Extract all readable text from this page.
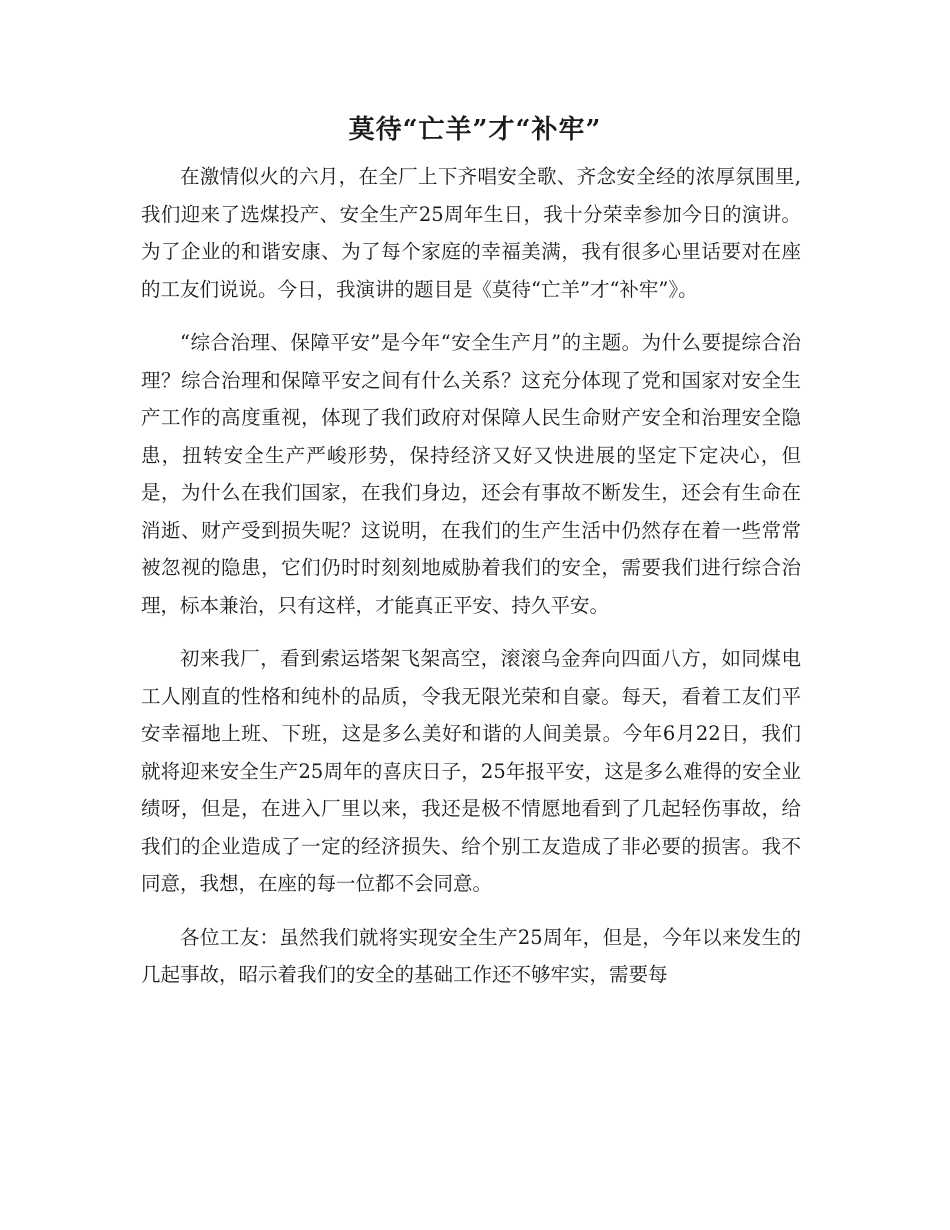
莫待“亡羊”才“补牢”

在激情似火的六月，在全厂上下齐唱安全歌、齐念安全经的浓厚氛围里,我们迎来了选煤投产、安全生产25周年生日，我十分荣幸参加今日的演讲。为了企业的和谐安康、为了每个家庭的幸福美满，我有很多心里话要对在座的工友们说说。今日，我演讲的题目是《莫待“亡羊”才“补牢”》。

“综合治理、保障平安”是今年“安全生产月”的主题。为什么要提综合治理？综合治理和保障平安之间有什么关系？这充分体现了党和国家对安全生产工作的高度重视，体现了我们政府对保障人民生命财产安全和治理安全隐患，扭转安全生产严峻形势，保持经济又好又快进展的坚定下定决心，但是，为什么在我们国家，在我们身边，还会有事故不断发生，还会有生命在消逝、财产受到损失呢？这说明，在我们的生产生活中仍然存在着一些常常被忽视的隐患，它们仍时时刻刻地威胁着我们的安全，需要我们进行综合治理，标本兼治，只有这样，才能真正平安、持久平安。

初来我厂，看到索运塔架飞架高空，滚滚乌金奔向四面八方，如同煤电工人刚直的性格和纯朴的品质，令我无限光荣和自豪。每天，看着工友们平安幸福地上班、下班，这是多么美好和谐的人间美景。今年6月22日，我们就将迎来安全生产25周年的喜庆日子，25年报平安，这是多么难得的安全业绩呀，但是，在进入厂里以来，我还是极不情愿地看到了几起轻伤事故，给我们的企业造成了一定的经济损失、给个别工友造成了非必要的损害。我不同意，我想，在座的每一位都不会同意。

各位工友：虽然我们就将实现安全生产25周年，但是，今年以来发生的几起事故，昭示着我们的安全的基础工作还不够牢实，需要每
